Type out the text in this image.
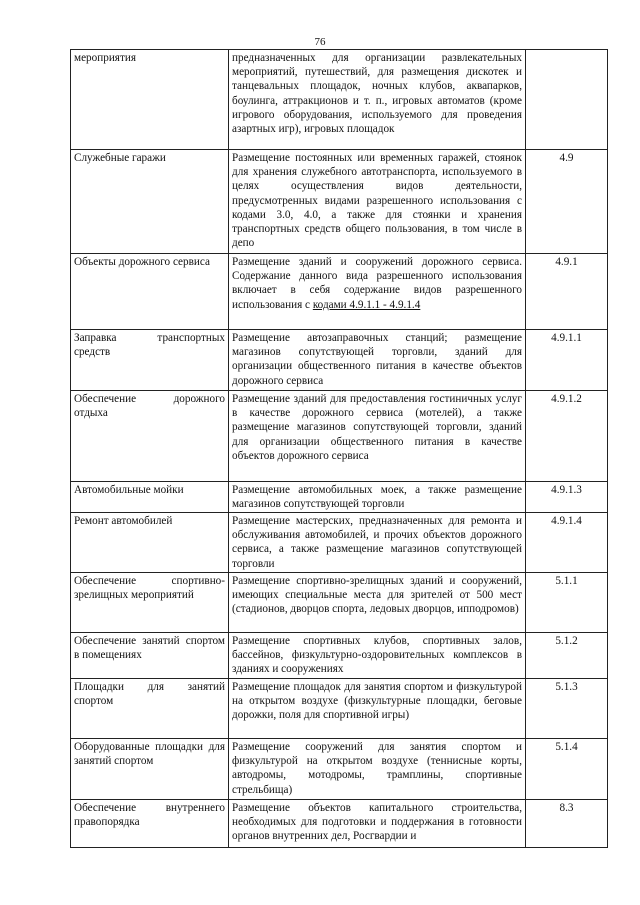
76
мероприятия	предназначенных для организации развлекательных мероприятий, путешествий, для размещения дискотек и танцевальных площадок, ночных клубов, аквапарков, боулинга, аттракционов и т. п., игровых автоматов (кроме игрового оборудования, используемого для проведения азартных игр), игровых площадок	
Служебные гаражи	Размещение постоянных или временных гаражей, стоянок для хранения служебного автотранспорта, используемого в целях осуществления видов деятельности, предусмотренных видами разрешенного использования с кодами 3.0, 4.0, а также для стоянки и хранения транспортных средств общего пользования, в том числе в депо	4.9
Объекты дорожного сервиса	Размещение зданий и сооружений дорожного сервиса. Содержание данного вида разрешенного использования включает в себя содержание видов разрешенного использования с кодами 4.9.1.1 - 4.9.1.4	4.9.1
Заправка транспортных средств	Размещение автозаправочных станций; размещение магазинов сопутствующей торговли, зданий для организации общественного питания в качестве объектов дорожного сервиса	4.9.1.1
Обеспечение дорожного отдыха	Размещение зданий для предоставления гостиничных услуг в качестве дорожного сервиса (мотелей), а также размещение магазинов сопутствующей торговли, зданий для организации общественного питания в качестве объектов дорожного сервиса	4.9.1.2
Автомобильные мойки	Размещение автомобильных моек, а также размещение магазинов сопутствующей торговли	4.9.1.3
Ремонт автомобилей	Размещение мастерских, предназначенных для ремонта и обслуживания автомобилей, и прочих объектов дорожного сервиса, а также размещение магазинов сопутствующей торговли	4.9.1.4
Обеспечение спортивно-зрелищных мероприятий	Размещение спортивно-зрелищных зданий и сооружений, имеющих специальные места для зрителей от 500 мест (стадионов, дворцов спорта, ледовых дворцов, ипподромов)	5.1.1
Обеспечение занятий спортом в помещениях	Размещение спортивных клубов, спортивных залов, бассейнов, физкультурно-оздоровительных комплексов в зданиях и сооружениях	5.1.2
Площадки для занятий спортом	Размещение площадок для занятия спортом и физкультурой на открытом воздухе (физкультурные площадки, беговые дорожки, поля для спортивной игры)	5.1.3
Оборудованные площадки для занятий спортом	Размещение сооружений для занятия спортом и физкультурой на открытом воздухе (теннисные корты, автодромы, мотодромы, трамплины, спортивные стрельбища)	5.1.4
Обеспечение внутреннего правопорядка	Размещение объектов капитального строительства, необходимых для подготовки и поддержания в готовности органов внутренних дел, Росгвардии и	8.3
